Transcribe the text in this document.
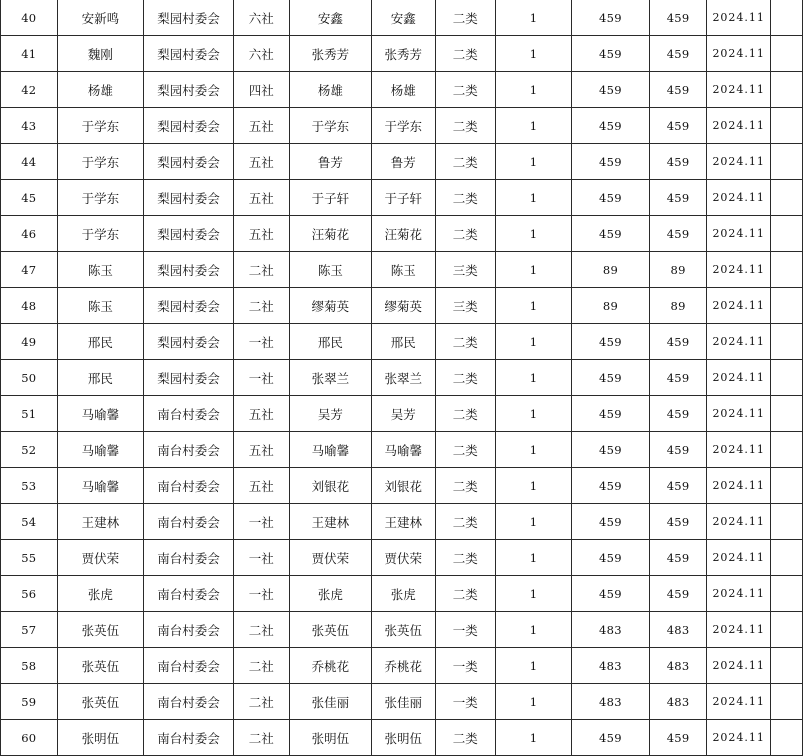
40	安新鸣	梨园村委会	六社	安鑫	安鑫	二类	1	459	459	2024.11	
41	魏刚	梨园村委会	六社	张秀芳	张秀芳	二类	1	459	459	2024.11	
42	杨雄	梨园村委会	四社	杨雄	杨雄	二类	1	459	459	2024.11	
43	于学东	梨园村委会	五社	于学东	于学东	二类	1	459	459	2024.11	
44	于学东	梨园村委会	五社	鲁芳	鲁芳	二类	1	459	459	2024.11	
45	于学东	梨园村委会	五社	于子轩	于子轩	二类	1	459	459	2024.11	
46	于学东	梨园村委会	五社	汪菊花	汪菊花	二类	1	459	459	2024.11	
47	陈玉	梨园村委会	二社	陈玉	陈玉	三类	1	89	89	2024.11	
48	陈玉	梨园村委会	二社	缪菊英	缪菊英	三类	1	89	89	2024.11	
49	邢民	梨园村委会	一社	邢民	邢民	二类	1	459	459	2024.11	
50	邢民	梨园村委会	一社	张翠兰	张翠兰	二类	1	459	459	2024.11	
51	马喻馨	南台村委会	五社	吴芳	吴芳	二类	1	459	459	2024.11	
52	马喻馨	南台村委会	五社	马喻馨	马喻馨	二类	1	459	459	2024.11	
53	马喻馨	南台村委会	五社	刘银花	刘银花	二类	1	459	459	2024.11	
54	王建林	南台村委会	一社	王建林	王建林	二类	1	459	459	2024.11	
55	贾伏荣	南台村委会	一社	贾伏荣	贾伏荣	二类	1	459	459	2024.11	
56	张虎	南台村委会	一社	张虎	张虎	二类	1	459	459	2024.11	
57	张英伍	南台村委会	二社	张英伍	张英伍	一类	1	483	483	2024.11	
58	张英伍	南台村委会	二社	乔桃花	乔桃花	一类	1	483	483	2024.11	
59	张英伍	南台村委会	二社	张佳丽	张佳丽	一类	1	483	483	2024.11	
60	张明伍	南台村委会	二社	张明伍	张明伍	二类	1	459	459	2024.11	
